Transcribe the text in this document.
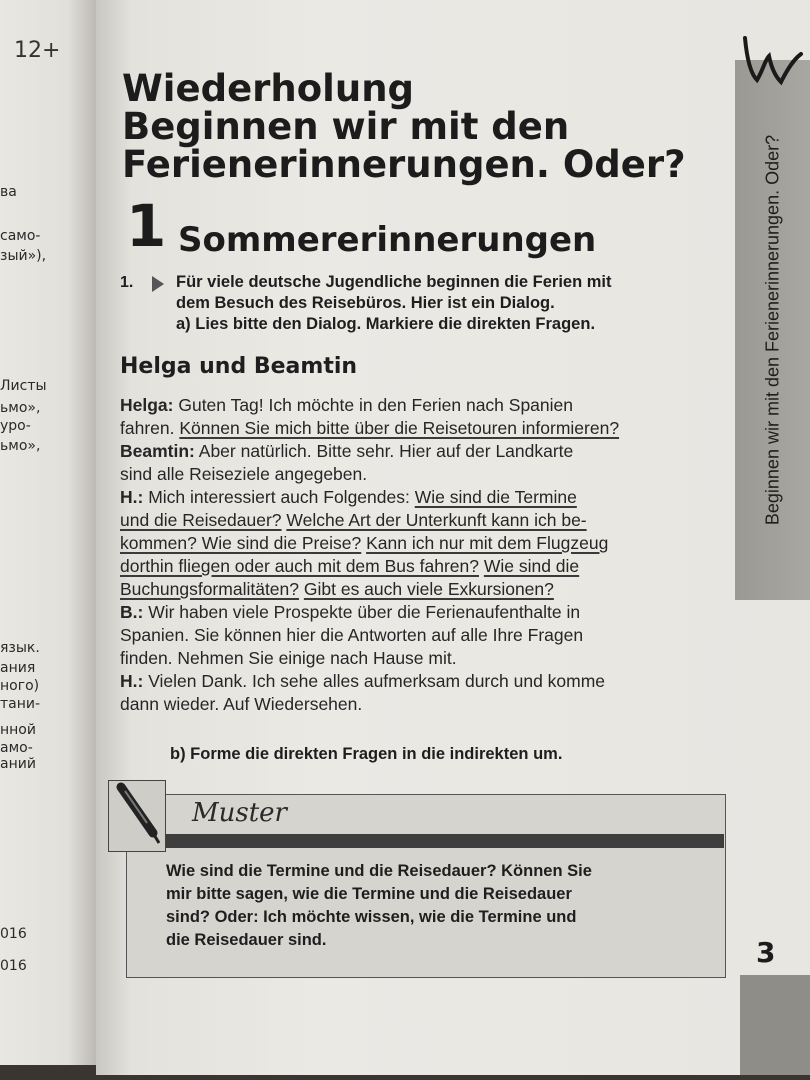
12+
ва
само-
зый»),
Листы
ьмо»,
уро-
ьмо»,
язык.
ания
ного)
тани-
нной
амо-
аний
016
016
Beginnen wir mit den Ferienerinnerungen. Oder?
Wiederholung
Beginnen wir mit den
Ferienerinnerungen. Oder?
1 Sommererinnerungen
1.	Für viele deutsche Jugendliche beginnen die Ferien mit
dem Besuch des Reisebüros. Hier ist ein Dialog.
a) Lies bitte den Dialog. Markiere die direkten Fragen.
Helga und Beamtin
Helga: Guten Tag! Ich möchte in den Ferien nach Spanien
fahren. Können Sie mich bitte über die Reisetouren informieren?
Beamtin: Aber natürlich. Bitte sehr. Hier auf der Landkarte
sind alle Reiseziele angegeben.
H.: Mich interessiert auch Folgendes: Wie sind die Termine
und die Reisedauer? Welche Art der Unterkunft kann ich be-
kommen? Wie sind die Preise? Kann ich nur mit dem Flugzeug
dorthin fliegen oder auch mit dem Bus fahren? Wie sind die
Buchungsformalitäten? Gibt es auch viele Exkursionen?
B.: Wir haben viele Prospekte über die Ferienaufenthalte in
Spanien. Sie können hier die Antworten auf alle Ihre Fragen
finden. Nehmen Sie einige nach Hause mit.
H.: Vielen Dank. Ich sehe alles aufmerksam durch und komme
dann wieder. Auf Wiedersehen.
b) Forme die direkten Fragen in die indirekten um.
Muster
Wie sind die Termine und die Reisedauer? Können Sie
mir bitte sagen, wie die Termine und die Reisedauer
sind? Oder: Ich möchte wissen, wie die Termine und
die Reisedauer sind.	3
